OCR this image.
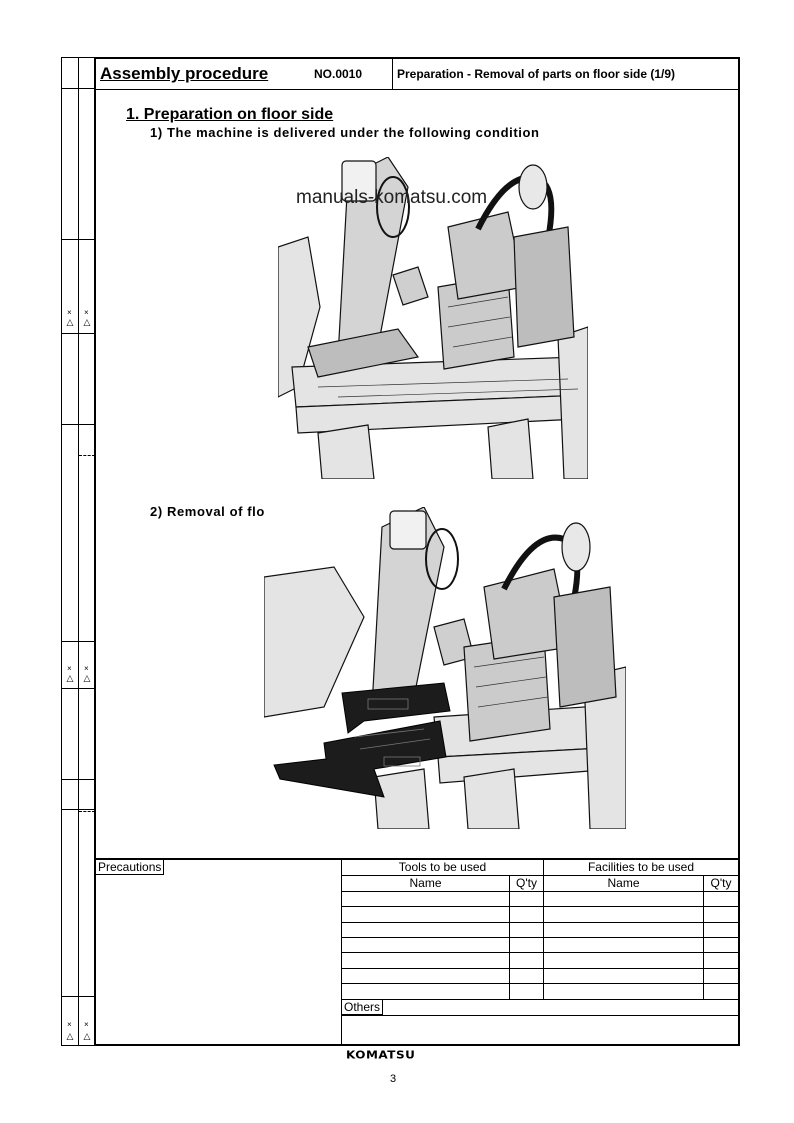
△
×
△
×
△
×
△
×
△
×
△
×
Assembly procedure	NO.0010	Preparation - Removal of parts on floor side (1/9)
1. Preparation on floor side
1) The machine is delivered under the following condition
manuals-komatsu.com
2) Removal of floor mat
Precautions	Tools to be used	Facilities to be used
Name	Q'ty	Name	Q'ty
Others
KOMATSU
3
